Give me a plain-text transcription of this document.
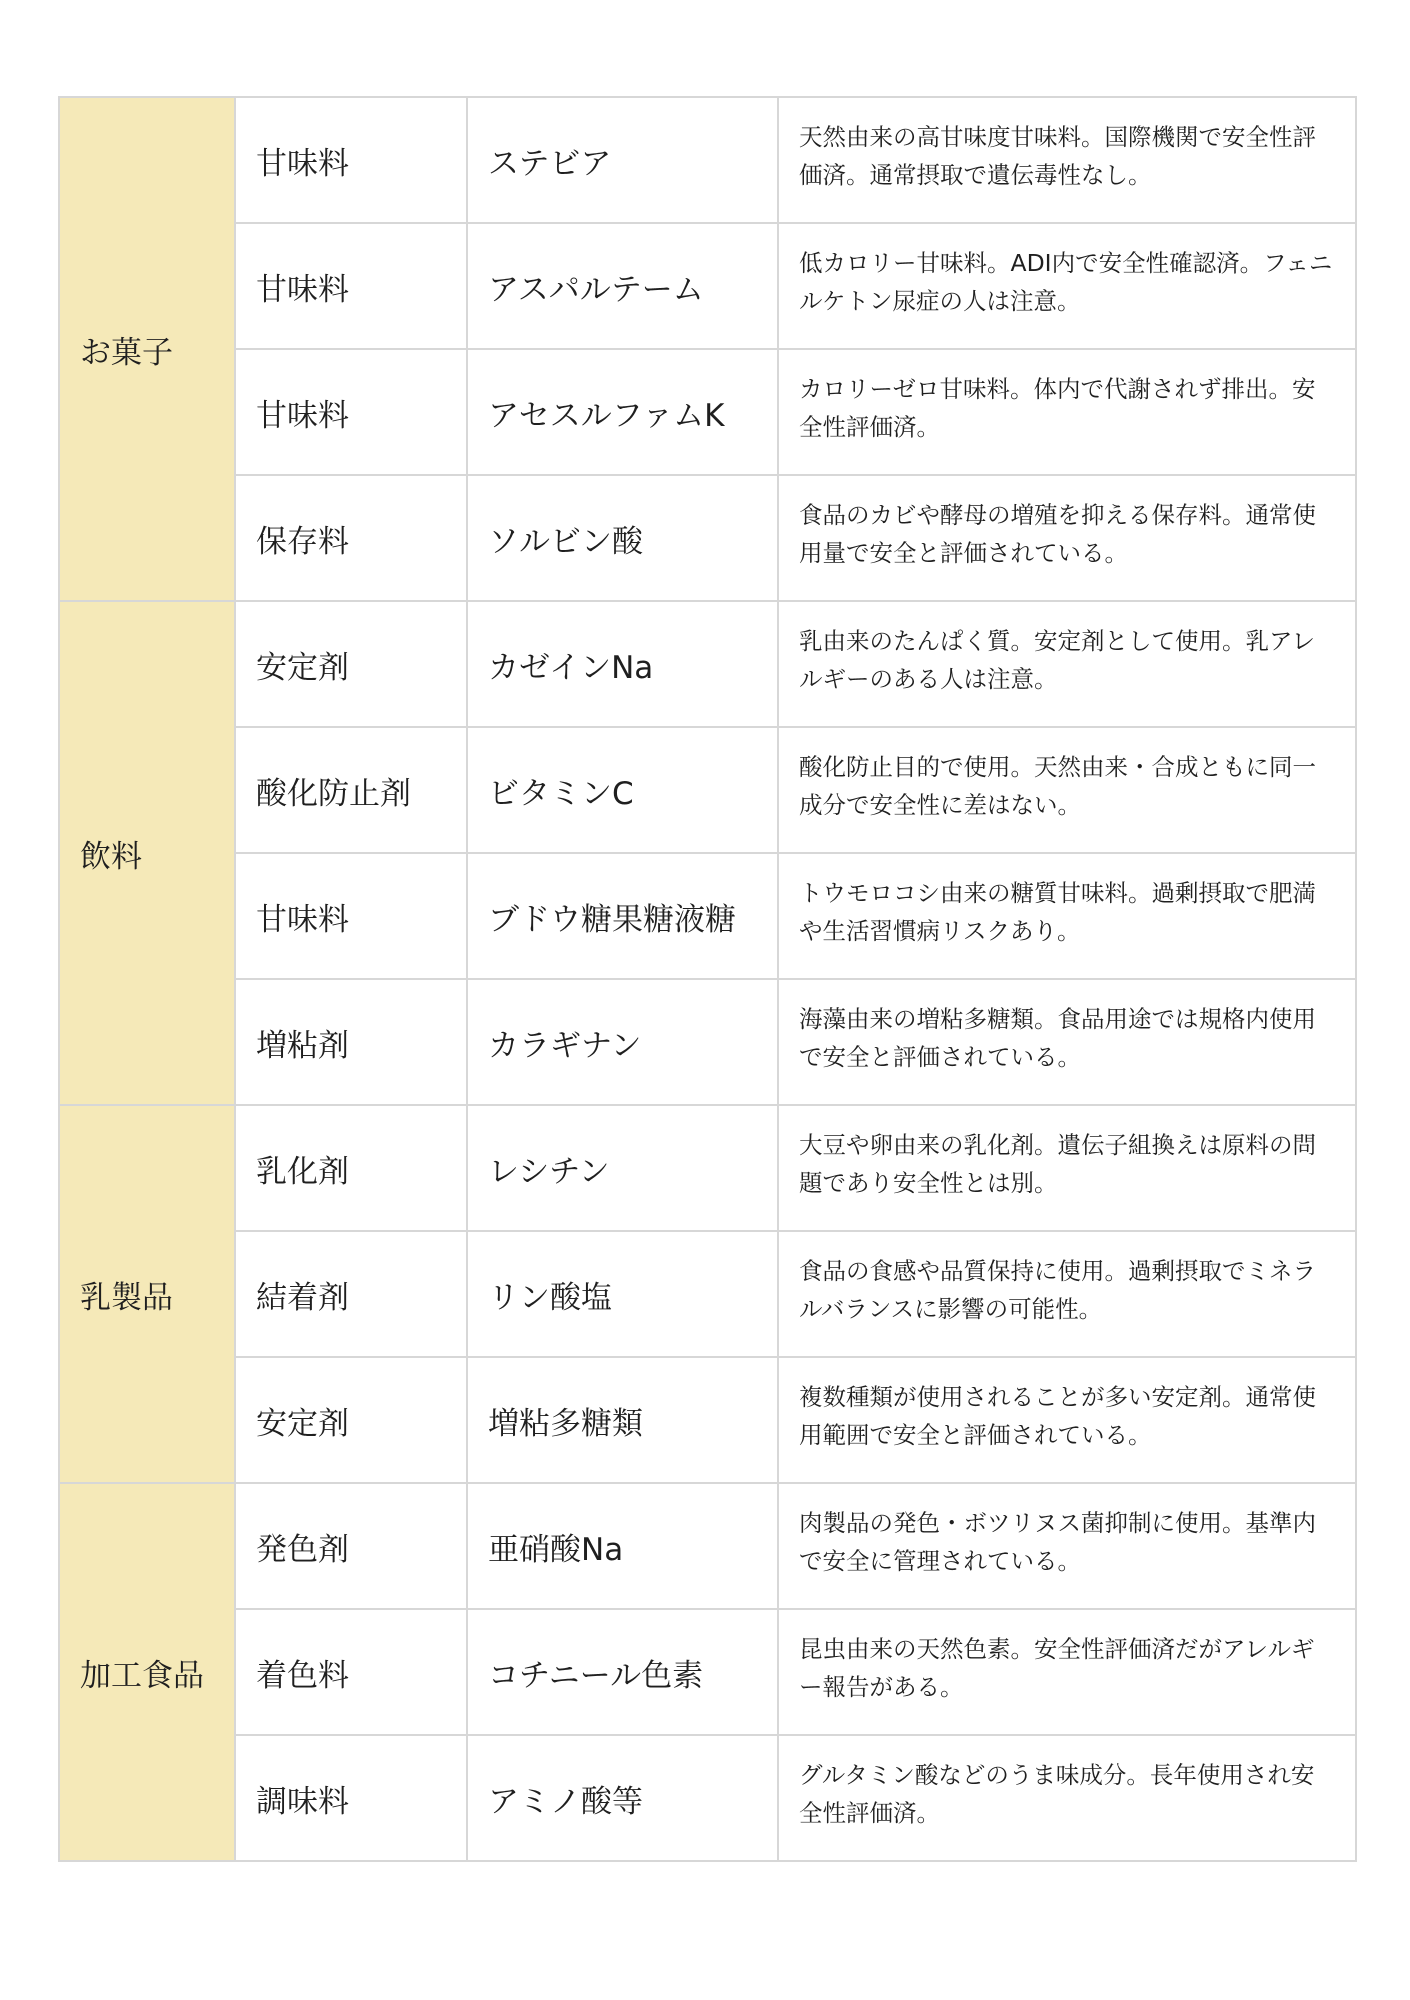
お菓子	甘味料	ステビア	天然由来の高甘味度甘味料。国際機関で安全性評価済。通常摂取で遺伝毒性なし。
	甘味料	アスパルテーム	低カロリー甘味料。ADI内で安全性確認済。フェニルケトン尿症の人は注意。
	甘味料	アセスルファムK	カロリーゼロ甘味料。体内で代謝されず排出。安全性評価済。
	保存料	ソルビン酸	食品のカビや酵母の増殖を抑える保存料。通常使用量で安全と評価されている。
飲料	安定剤	カゼインNa	乳由来のたんぱく質。安定剤として使用。乳アレルギーのある人は注意。
	酸化防止剤	ビタミンC	酸化防止目的で使用。天然由来・合成ともに同一成分で安全性に差はない。
	甘味料	ブドウ糖果糖液糖	トウモロコシ由来の糖質甘味料。過剰摂取で肥満や生活習慣病リスクあり。
	増粘剤	カラギナン	海藻由来の増粘多糖類。食品用途では規格内使用で安全と評価されている。
乳製品	乳化剤	レシチン	大豆や卵由来の乳化剤。遺伝子組換えは原料の問題であり安全性とは別。
	結着剤	リン酸塩	食品の食感や品質保持に使用。過剰摂取でミネラルバランスに影響の可能性。
	安定剤	増粘多糖類	複数種類が使用されることが多い安定剤。通常使用範囲で安全と評価されている。
加工食品	発色剤	亜硝酸Na	肉製品の発色・ボツリヌス菌抑制に使用。基準内で安全に管理されている。
	着色料	コチニール色素	昆虫由来の天然色素。安全性評価済だがアレルギー報告がある。
	調味料	アミノ酸等	グルタミン酸などのうま味成分。長年使用され安全性評価済。
